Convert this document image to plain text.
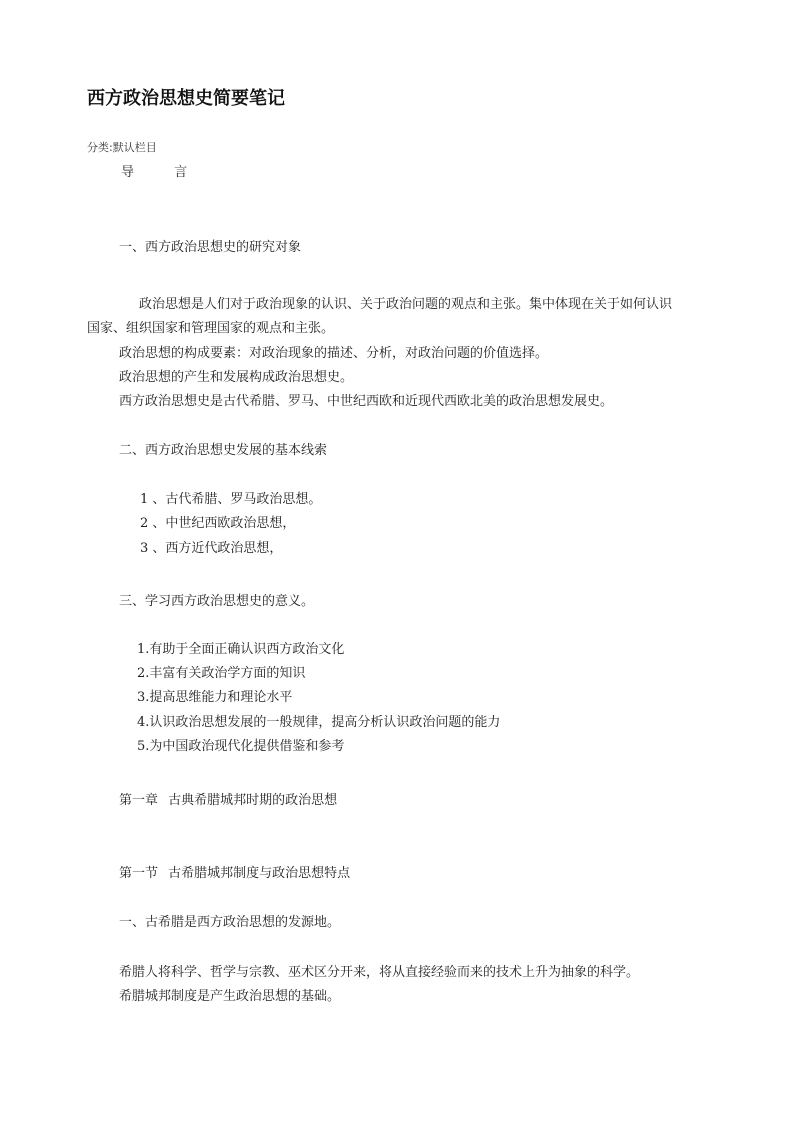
西方政治思想史简要笔记
分类:默认栏目
导 言
一、西方政治思想史的研究对象
政治思想是人们对于政治现象的认识、关于政治问题的观点和主张。集中体现在关于如何认识
国家、组织国家和管理国家的观点和主张。
政治思想的构成要素：对政治现象的描述、分析，对政治问题的价值选择。
政治思想的产生和发展构成政治思想史。
西方政治思想史是古代希腊、罗马、中世纪西欧和近现代西欧北美的政治思想发展史。
二、西方政治思想史发展的基本线索
1 、古代希腊、罗马政治思想。
2 、中世纪西欧政治思想，
3 、西方近代政治思想，
三、学习西方政治思想史的意义。
1.有助于全面正确认识西方政治文化
2.丰富有关政治学方面的知识
3.提高思维能力和理论水平
4.认识政治思想发展的一般规律，提高分析认识政治问题的能力
5.为中国政治现代化提供借鉴和参考
第一章 古典希腊城邦时期的政治思想
第一节 古希腊城邦制度与政治思想特点
一、古希腊是西方政治思想的发源地。
希腊人将科学、哲学与宗教、巫术区分开来，将从直接经验而来的技术上升为抽象的科学。
希腊城邦制度是产生政治思想的基础。
